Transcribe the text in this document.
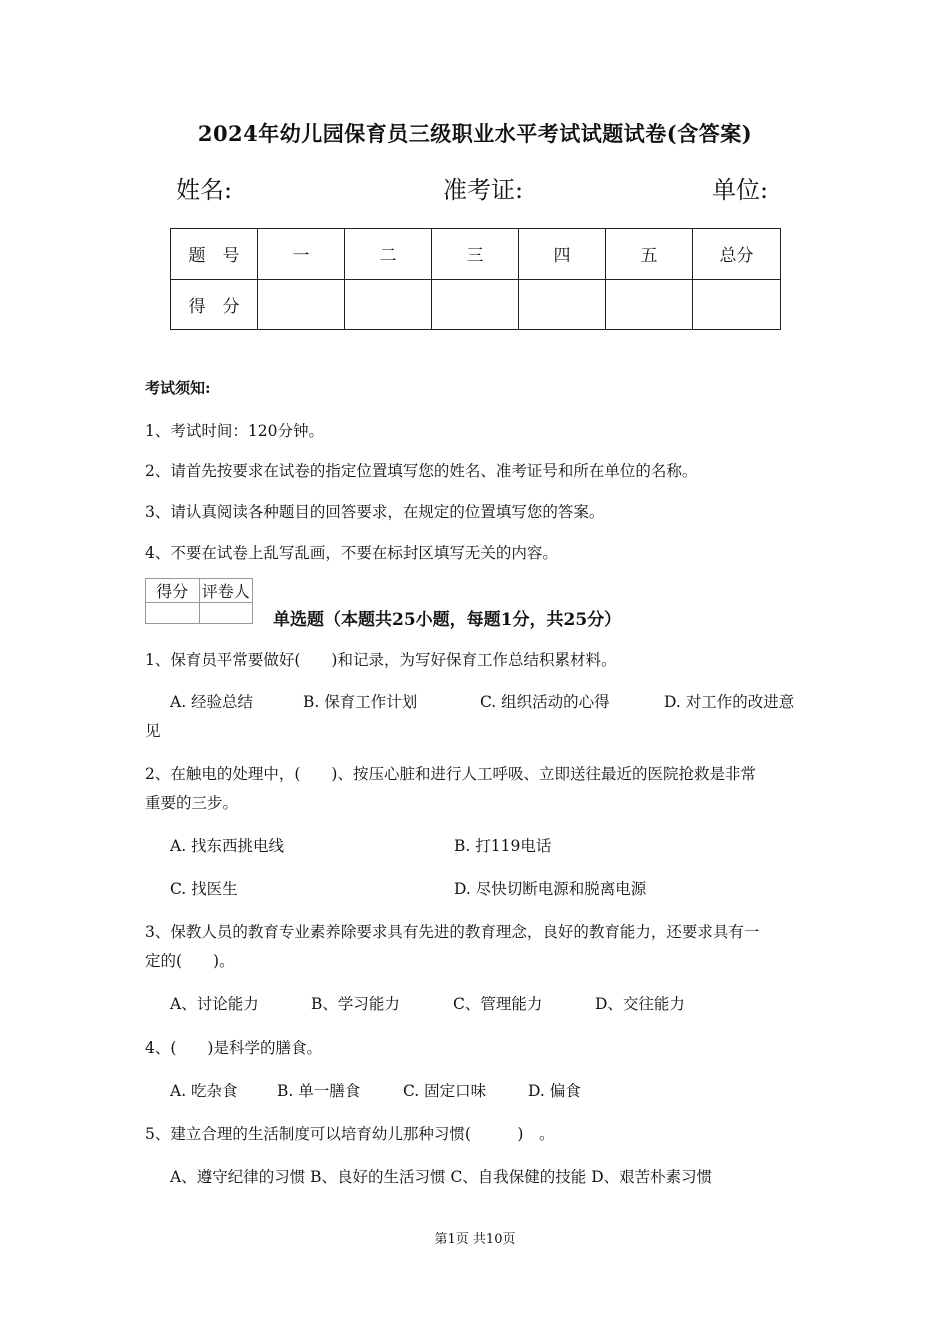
2024年幼儿园保育员三级职业水平考试试题试卷(含答案)
姓名:	准考证:	单位:
题　号	一	二	三	四	五	总分
得　分						
考试须知:
1、考试时间：120分钟。
2、请首先按要求在试卷的指定位置填写您的姓名、准考证号和所在单位的名称。
3、请认真阅读各种题目的回答要求，在规定的位置填写您的答案。
4、不要在试卷上乱写乱画，不要在标封区填写无关的内容。
得分	评卷人

单选题（本题共25小题，每题1分，共25分）
1、保育员平常要做好(　　)和记录，为写好保育工作总结积累材料。
A. 经验总结	B. 保育工作计划	C. 组织活动的心得	D. 对工作的改进意
见
2、在触电的处理中，(　　)、按压心脏和进行人工呼吸、立即送往最近的医院抢救是非常
重要的三步。
A. 找东西挑电线	B. 打119电话
C. 找医生	D. 尽快切断电源和脱离电源
3、保教人员的教育专业素养除要求具有先进的教育理念，良好的教育能力，还要求具有一
定的(　　)。
A、讨论能力	B、学习能力	C、管理能力	D、交往能力
4、(　　)是科学的膳食。
A. 吃杂食	B. 单一膳食	C. 固定口味	D. 偏食
5、建立合理的生活制度可以培育幼儿那种习惯(　　　)　。
A、遵守纪律的习惯 B、良好的生活习惯 C、自我保健的技能 D、艰苦朴素习惯
第1页 共10页
